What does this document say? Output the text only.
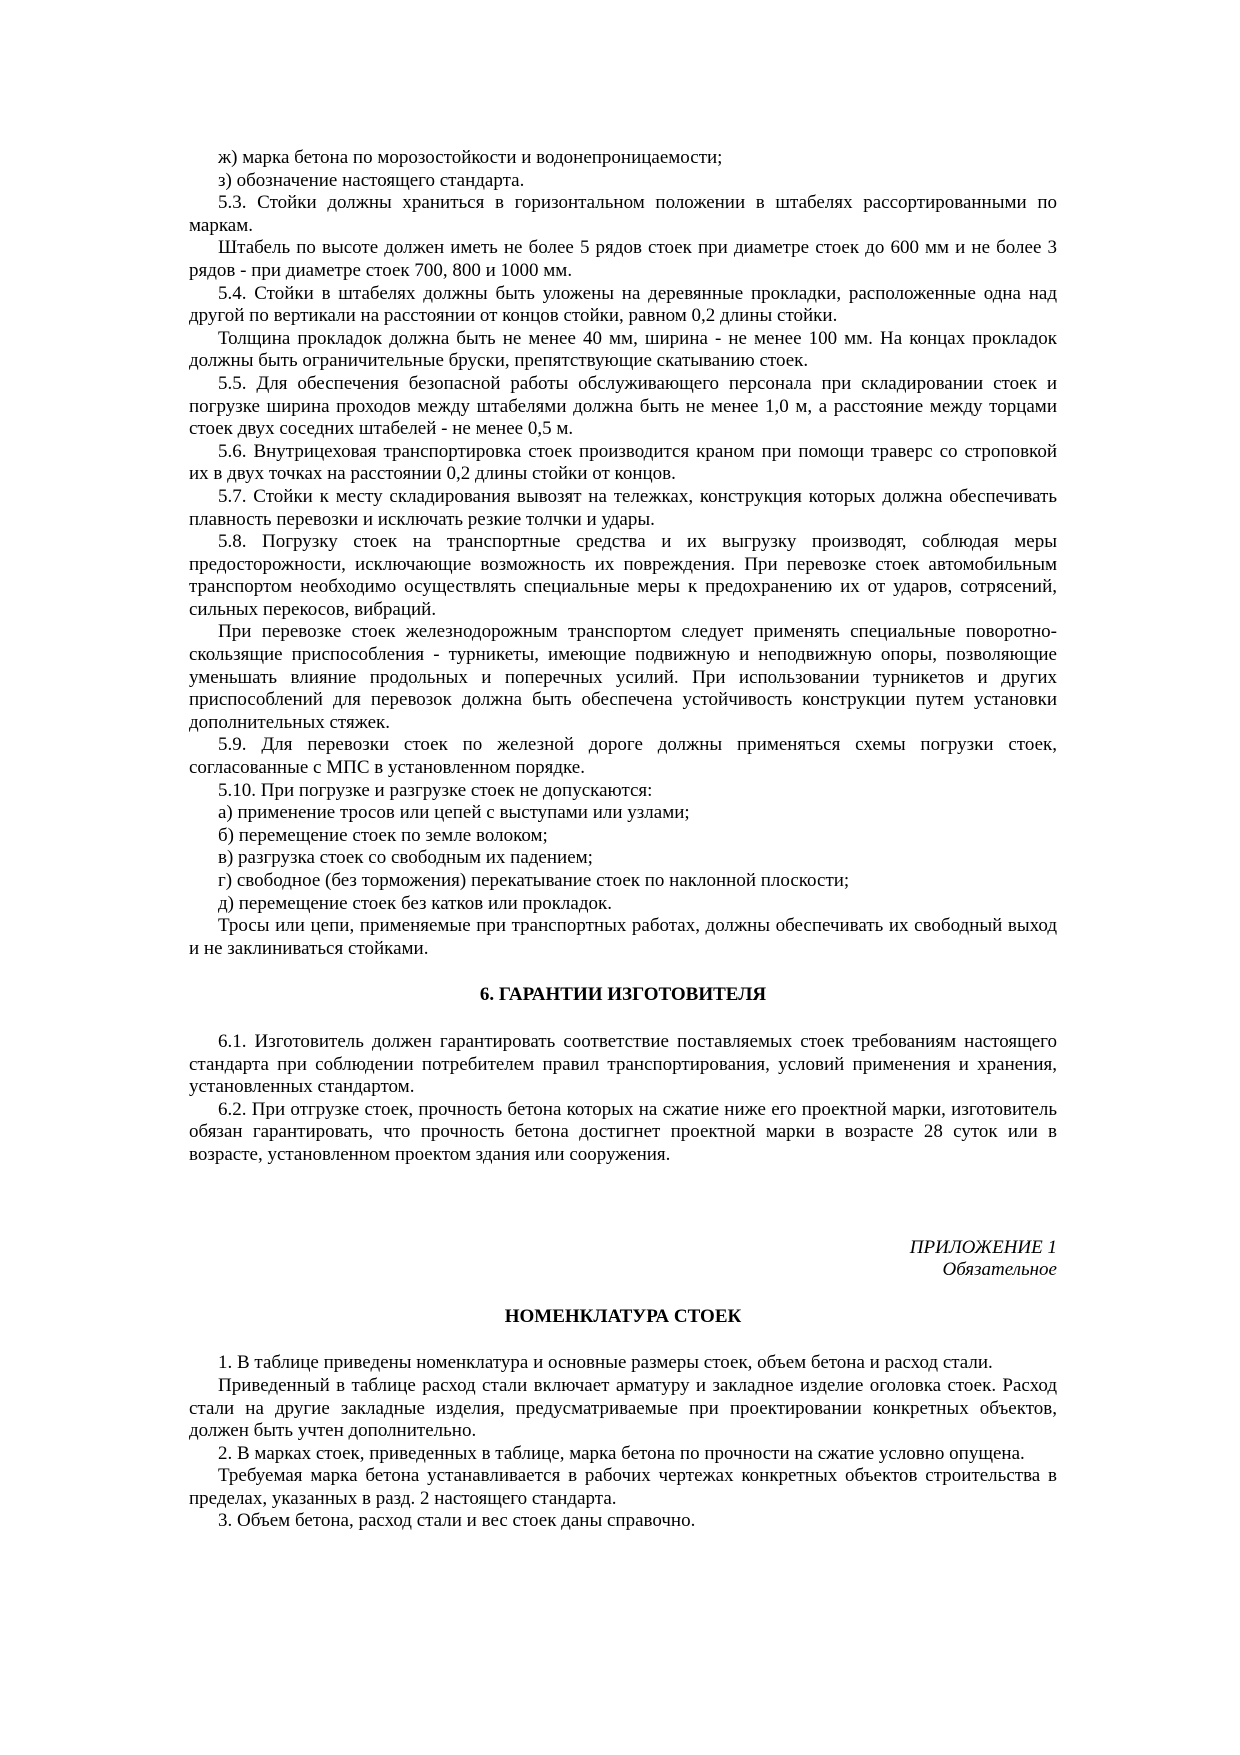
ж) марка бетона по морозостойкости и водонепроницаемости;

з) обозначение настоящего стандарта.

5.3. Стойки должны храниться в горизонтальном положении в штабелях рассортированными по маркам.

Штабель по высоте должен иметь не более 5 рядов стоек при диаметре стоек до 600 мм и не более 3 рядов - при диаметре стоек 700, 800 и 1000 мм.

5.4. Стойки в штабелях должны быть уложены на деревянные прокладки, расположенные одна над другой по вертикали на расстоянии от концов стойки, равном 0,2 длины стойки.

Толщина прокладок должна быть не менее 40 мм, ширина - не менее 100 мм. На концах прокладок должны быть ограничительные бруски, препятствующие скатыванию стоек.

5.5. Для обеспечения безопасной работы обслуживающего персонала при складировании стоек и погрузке ширина проходов между штабелями должна быть не менее 1,0 м, а расстояние между торцами стоек двух соседних штабелей - не менее 0,5 м.

5.6. Внутрицеховая транспортировка стоек производится краном при помощи траверс со строповкой их в двух точках на расстоянии 0,2 длины стойки от концов.

5.7. Стойки к месту складирования вывозят на тележках, конструкция которых должна обеспечивать плавность перевозки и исключать резкие толчки и удары.

5.8. Погрузку стоек на транспортные средства и их выгрузку производят, соблюдая меры предосторожности, исключающие возможность их повреждения. При перевозке стоек автомобильным транспортом необходимо осуществлять специальные меры к предохранению их от ударов, сотрясений, сильных перекосов, вибраций.

При перевозке стоек железнодорожным транспортом следует применять специальные поворотно-скользящие приспособления - турникеты, имеющие подвижную и неподвижную опоры, позволяющие уменьшать влияние продольных и поперечных усилий. При использовании турникетов и других приспособлений для перевозок должна быть обеспечена устойчивость конструкции путем установки дополнительных стяжек.

5.9. Для перевозки стоек по железной дороге должны применяться схемы погрузки стоек, согласованные с МПС в установленном порядке.

5.10. При погрузке и разгрузке стоек не допускаются:

а) применение тросов или цепей с выступами или узлами;

б) перемещение стоек по земле волоком;

в) разгрузка стоек со свободным их падением;

г) свободное (без торможения) перекатывание стоек по наклонной плоскости;

д) перемещение стоек без катков или прокладок.

Тросы или цепи, применяемые при транспортных работах, должны обеспечивать их свободный выход и не заклиниваться стойками.

6. ГАРАНТИИ ИЗГОТОВИТЕЛЯ

6.1. Изготовитель должен гарантировать соответствие поставляемых стоек требованиям настоящего стандарта при соблюдении потребителем правил транспортирования, условий применения и хранения, установленных стандартом.

6.2. При отгрузке стоек, прочность бетона которых на сжатие ниже его проектной марки, изготовитель обязан гарантировать, что прочность бетона достигнет проектной марки в возрасте 28 суток или в возрасте, установленном проектом здания или сооружения.

ПРИЛОЖЕНИЕ 1
Обязательное
НОМЕНКЛАТУРА СТОЕК

1. В таблице приведены номенклатура и основные размеры стоек, объем бетона и расход стали.

Приведенный в таблице расход стали включает арматуру и закладное изделие оголовка стоек. Расход стали на другие закладные изделия, предусматриваемые при проектировании конкретных объектов, должен быть учтен дополнительно.

2. В марках стоек, приведенных в таблице, марка бетона по прочности на сжатие условно опущена.

Требуемая марка бетона устанавливается в рабочих чертежах конкретных объектов строительства в пределах, указанных в разд. 2 настоящего стандарта.

3. Объем бетона, расход стали и вес стоек даны справочно.
